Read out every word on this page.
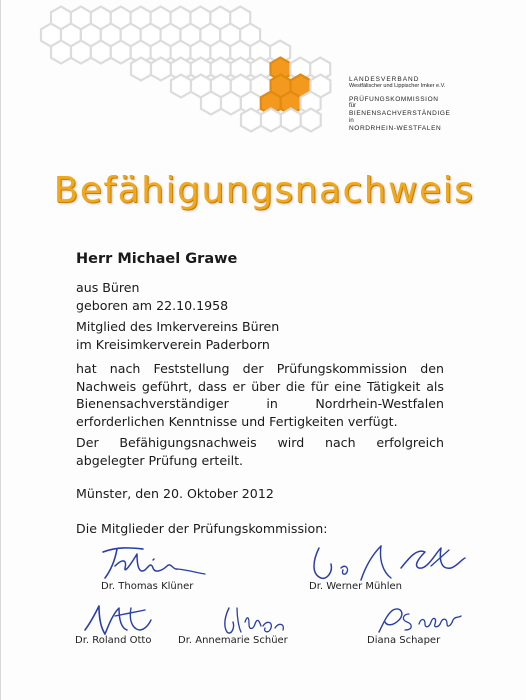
LANDESVERBAND
Westfälischer und Lippischer Imker e.V.
PRÜFUNGSKOMMISSION
für
BIENENSACHVERSTÄNDIGE
in
NORDRHEIN-WESTFALEN
Befähigungsnachweis
Herr Michael Grawe
aus Büren
geboren am 22.10.1958
Mitglied des Imkervereins Büren
im Kreisimkerverein Paderborn
hat nach Feststellung der Prüfungskommission den Nachweis geführt, dass er über die für eine Tätigkeit als Bienensachverständiger in Nordrhein-Westfalen erforderlichen Kenntnisse und Fertigkeiten verfügt.
Der Befähigungsnachweis wird nach erfolgreich abgelegter Prüfung erteilt.
Münster, den 20. Oktober 2012
Die Mitglieder der Prüfungskommission:
Dr. Thomas Klüner	Dr. Werner Mühlen
Dr. Roland Otto	Dr. Annemarie Schüer	Diana Schaper
